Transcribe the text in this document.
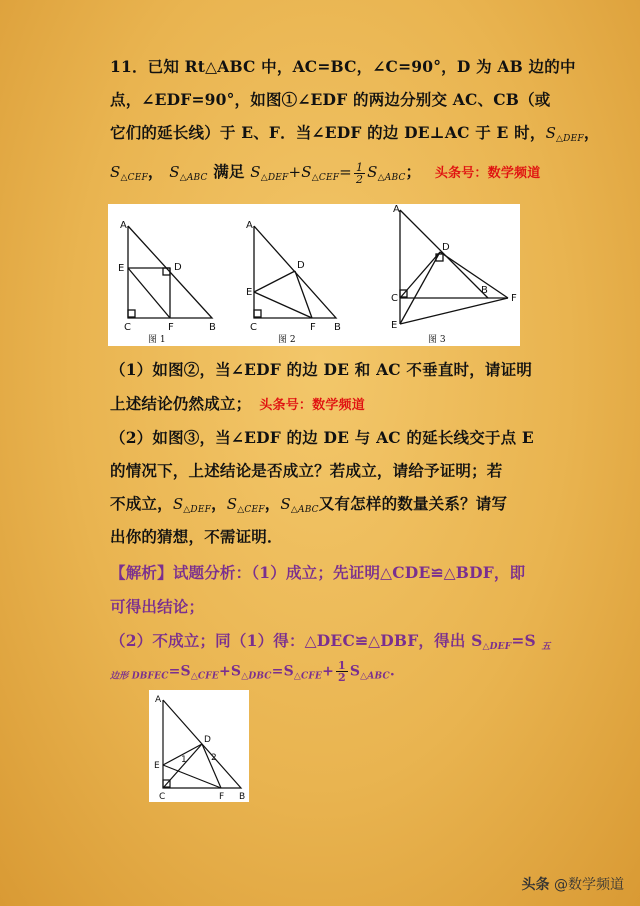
11．已知 Rt△ABC 中，AC=BC，∠C=90°，D 为 AB 边的中
点，∠EDF=90°，如图①∠EDF 的两边分别交 AC、CB（或
它们的延长线）于 E、F．当∠EDF 的边 DE⊥AC 于 E 时，$S_{\triangle DEF}$，
$S_{\triangle CEF}$， $S_{\triangle ABC}$ 满足 $S_{\triangle DEF}+S_{\triangle CEF}= \frac{1}{2} S_{\triangle ABC}$； 头条号：数学频道
A
E	D
C	F	B
A
D
E
C	F B
A
D
C
B
F
E
图 1	图 2	图 3
（1）如图②，当∠EDF 的边 DE 和 AC 不垂直时，请证明
上述结论仍然成立； 头条号：数学频道
（2）如图③，当∠EDF 的边 DE 与 AC 的延长线交于点 E
的情况下，上述结论是否成立？若成立，请给予证明；若
不成立，$S_{\triangle DEF}$，$S_{\triangle CEF}$，$S_{\triangle ABC}$又有怎样的数量关系？请写
出你的猜想，不需证明．
【解析】试题分析：（1）成立；先证明△CDE≌△BDF，即
可得出结论；
（2）不成立；同（1）得：△DEC≌△DBF，得出 $S_{\triangle DEF}=S$ $_五$
$_{边形 DBFEC}=S_{\triangle CFE}+S_{\triangle DBC}=S_{\triangle CFE}+ \frac{1}{2} S_{\triangle ABC}$.
A
D
E
C	F B
1	2
头条 @数学频道
